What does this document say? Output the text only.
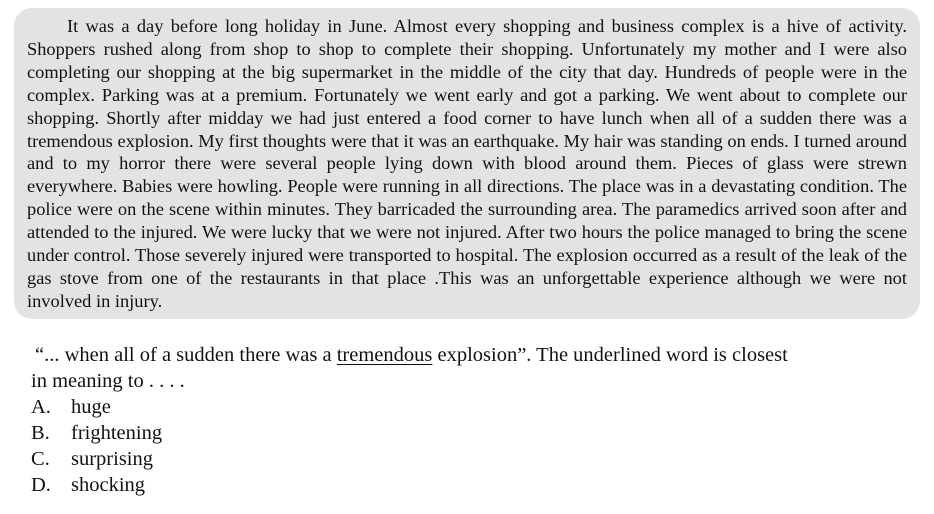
It was a day before long holiday in June. Almost every shopping and business complex is a hive of activity. Shoppers rushed along from shop to shop to complete their shopping. Unfortunately my mother and I were also completing our shopping at the big supermarket in the middle of the city that day. Hundreds of people were in the complex. Parking was at a premium. Fortunately we went early and got a parking. We went about to complete our shopping. Shortly after midday we had just entered a food corner to have lunch when all of a sudden there was a tremendous explosion. My first thoughts were that it was an earthquake. My hair was standing on ends. I turned around and to my horror there were several people lying down with blood around them. Pieces of glass were strewn everywhere. Babies were howling. People were running in all directions. The place was in a devastating condition. The police were on the scene within minutes. They barricaded the surrounding area. The paramedics arrived soon after and attended to the injured. We were lucky that we were not injured. After two hours the police managed to bring the scene under control. Those severely injured were transported to hospital. The explosion occurred as a result of the leak of the gas stove from one of the restaurants in that place .This was an unforgettable experience although we were not involved in injury.

“... when all of a sudden there was a tremendous explosion”. The underlined word is closest

in meaning to . . . .

A. huge
B.	frightening
C.	surprising
D. shocking
